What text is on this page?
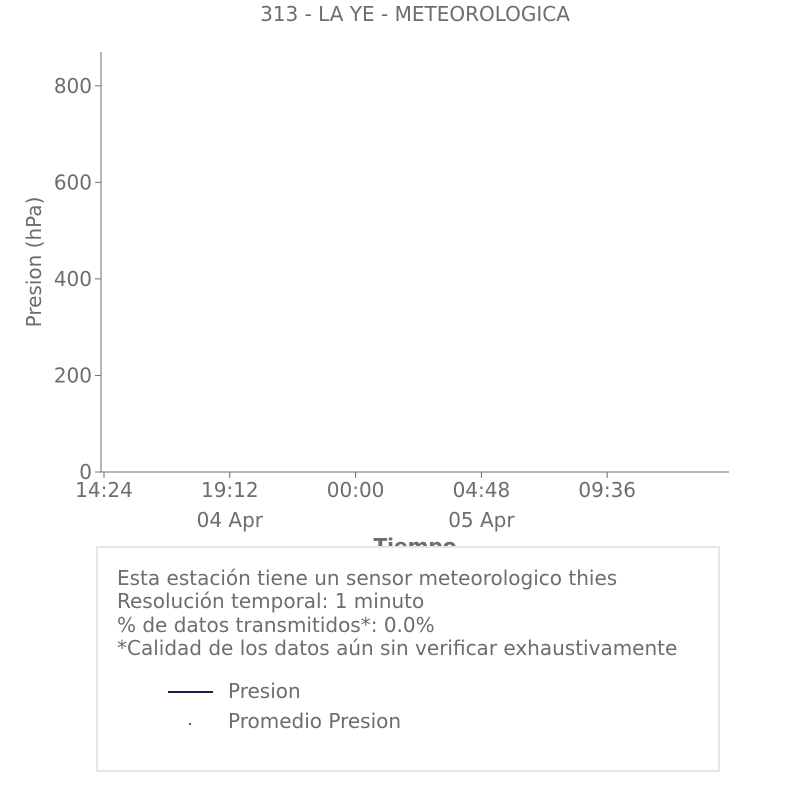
313 - LA YE - METEOROLOGICA
0
200
400
600
800
14:24	19:12
04 Apr
00:00	04:48
05 Apr
09:36
Presion (hPa)
Esta estación tiene un sensor meteorologico thies
Resolución temporal: 1 minuto
% de datos transmitidos*: 0.0%
*Calidad de los datos aún sin verificar exhaustivamente
Presion
Promedio Presion
